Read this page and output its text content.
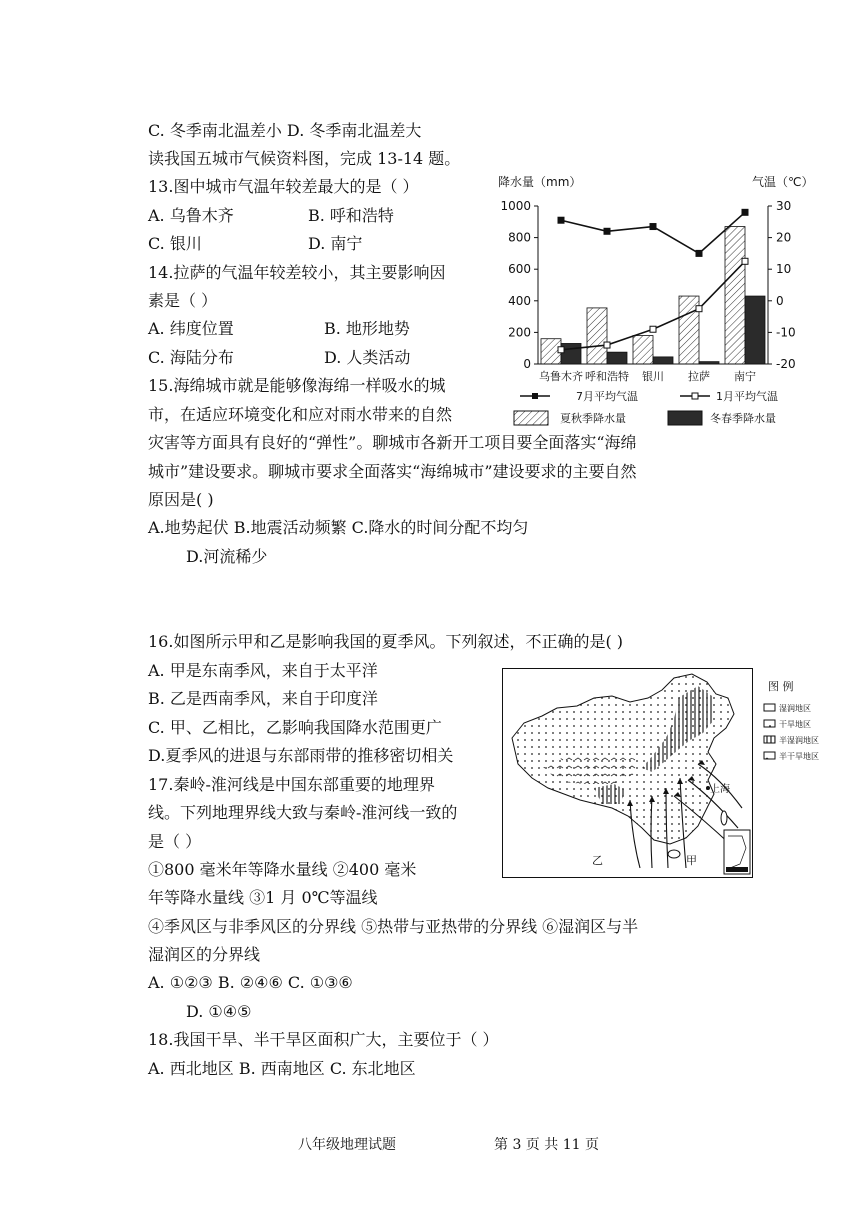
C. 冬季南北温差小 D. 冬季南北温差大
读我国五城市气候资料图，完成 13-14 题。
13.图中城市气温年较差最大的是（ ）
A. 乌鲁木齐	B. 呼和浩特
C. 银川	D. 南宁
14.拉萨的气温年较差较小，其主要影响因
素是（ ）
A. 纬度位置	B. 地形地势
C. 海陆分布	D. 人类活动
15.海绵城市就是能够像海绵一样吸水的城
市，在适应环境变化和应对雨水带来的自然
灾害等方面具有良好的“弹性”。聊城市各新开工项目要全面落实“海绵
城市”建设要求。聊城市要求全面落实“海绵城市”建设要求的主要自然
原因是( )
A.地势起伏 B.地震活动频繁 C.降水的时间分配不均匀
D.河流稀少
16.如图所示甲和乙是影响我国的夏季风。下列叙述，不正确的是( )
A. 甲是东南季风，来自于太平洋
B. 乙是西南季风，来自于印度洋
C. 甲、乙相比，乙影响我国降水范围更广
D.夏季风的进退与东部雨带的推移密切相关
17.秦岭-淮河线是中国东部重要的地理界
线。下列地理界线大致与秦岭-淮河线一致的
是（ ）
①800 毫米年等降水量线 ②400 毫米
年等降水量线 ③1 月 0℃等温线
④季风区与非季风区的分界线 ⑤热带与亚热带的分界线 ⑥湿润区与半
湿润区的分界线
A. ①②③ B. ②④⑥ C. ①③⑥
D. ①④⑤
18.我国干旱、半干旱区面积广大，主要位于（ ）
A. 西北地区 B. 西南地区 C. 东北地区
八年级地理试题	第 3 页 共 11 页
降水量（mm）	气温（℃）
0
200
400
600
800
1000
-20
-10
0
10
20
30
乌鲁木齐 呼和浩特 银川 拉萨 南宁
7月平均气温	1月平均气温
夏秋季降水量	冬春季降水量
上海
甲
乙
图 例
湿润地区
干旱地区
半湿润地区
半干旱地区
